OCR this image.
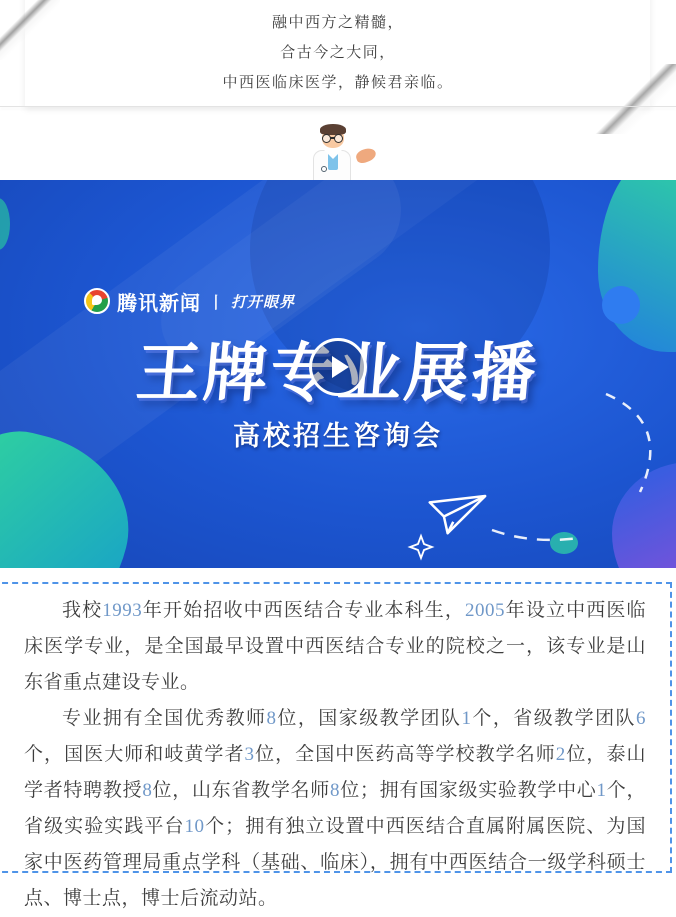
融中西方之精髓，
合古今之大同，
中西医临床医学，静候君亲临。
腾讯新闻 丨 打开眼界
王牌专业展播
高校招生咨询会

我校1993年开始招收中西医结合专业本科生，2005年设立中西医临床医学专业，是全国最早设置中西医结合专业的院校之一，该专业是山东省重点建设专业。

专业拥有全国优秀教师8位，国家级教学团队1个，省级教学团队6个，国医大师和岐黄学者3位，全国中医药高等学校教学名师2位，泰山学者特聘教授8位，山东省教学名师8位；拥有国家级实验教学中心1个，省级实验实践平台10个；拥有独立设置中西医结合直属附属医院、为国家中医药管理局重点学科（基础、临床），拥有中西医结合一级学科硕士点、博士点，博士后流动站。
